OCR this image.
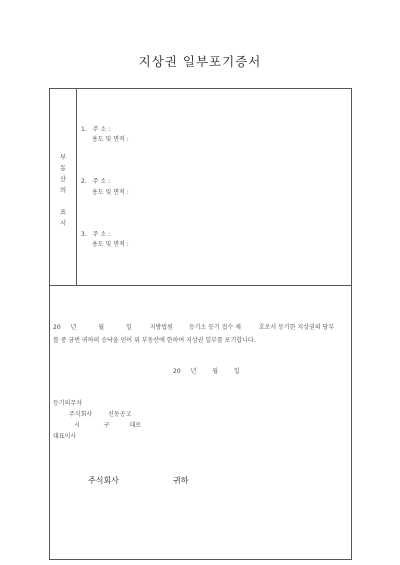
지상권 일부포기증서
부
동
산
의
표
시
1. 주 소 :
용도 및 면적 :
2. 주 소 :
용도 및 면적 :
3. 주 소 :
용도 및 면적 :
20 년	월	일	지방법원	등기소 등기 접수 제	호로서 등기한 지상권의 당부
를 중 금번 귀하의 승낙을 얻어 위 부동산에 한하여 지상권 일부를 포기합니다.
20 년	월	일
등기의무자
주식회사	신동공고
시	구	대로
대표이사
주식회사	귀하
